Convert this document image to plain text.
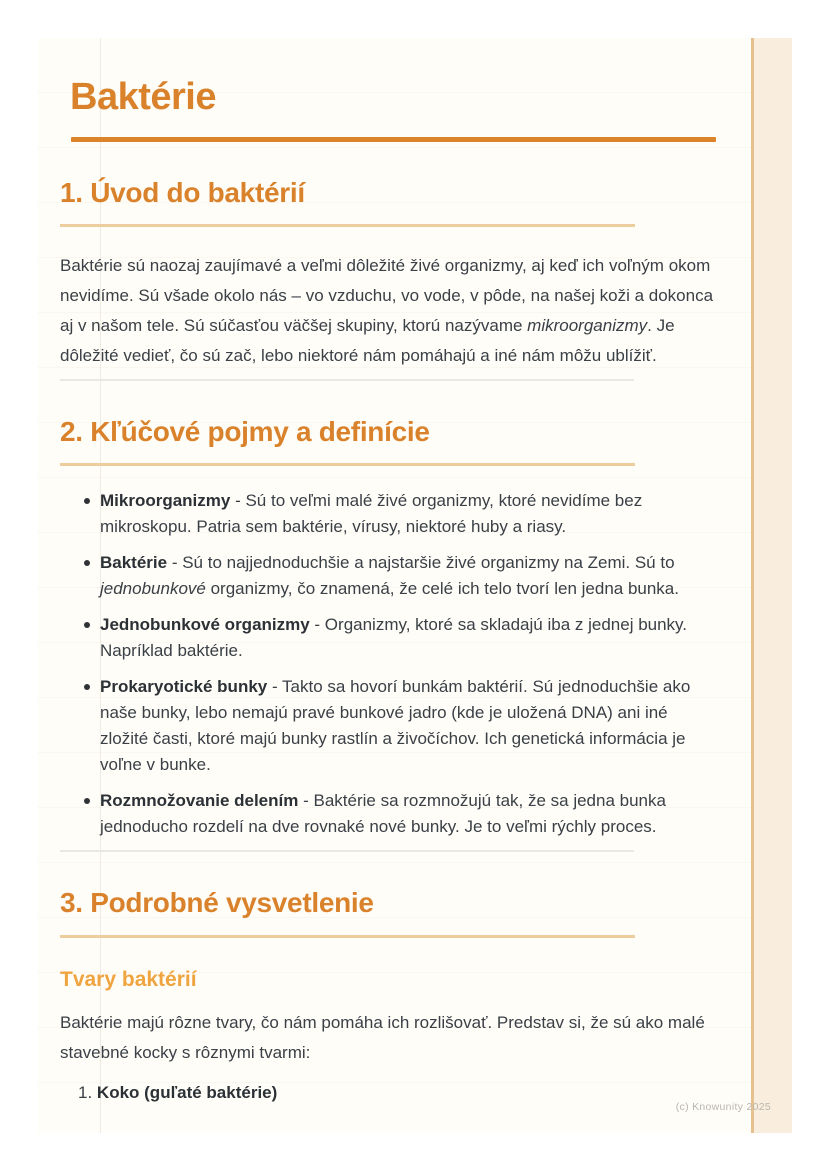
Baktérie
1. Úvod do baktérií

Baktérie sú naozaj zaujímavé a veľmi dôležité živé organizmy, aj keď ich voľným okom nevidíme. Sú všade okolo nás – vo vzduchu, vo vode, v pôde, na našej koži a dokonca aj v našom tele. Sú súčasťou väčšej skupiny, ktorú nazývame mikroorganizmy. Je dôležité vedieť, čo sú zač, lebo niektoré nám pomáhajú a iné nám môžu ublížiť.

2. Kľúčové pojmy a definície
Mikroorganizmy - Sú to veľmi malé živé organizmy, ktoré nevidíme bez mikroskopu. Patria sem baktérie, vírusy, niektoré huby a riasy.
Baktérie - Sú to najjednoduchšie a najstaršie živé organizmy na Zemi. Sú to jednobunkové organizmy, čo znamená, že celé ich telo tvorí len jedna bunka.
Jednobunkové organizmy - Organizmy, ktoré sa skladajú iba z jednej bunky. Napríklad baktérie.
Prokaryotické bunky - Takto sa hovorí bunkám baktérií. Sú jednoduchšie ako naše bunky, lebo nemajú pravé bunkové jadro (kde je uložená DNA) ani iné zložité časti, ktoré majú bunky rastlín a živočíchov. Ich genetická informácia je voľne v bunke.
Rozmnožovanie delením - Baktérie sa rozmnožujú tak, že sa jedna bunka jednoducho rozdelí na dve rovnaké nové bunky. Je to veľmi rýchly proces.
3. Podrobné vysvetlenie
Tvary baktérií

Baktérie majú rôzne tvary, čo nám pomáha ich rozlišovať. Predstav si, že sú ako malé stavebné kocky s rôznymi tvarmi:

1. Koko (guľaté baktérie)
(c) Knowunity 2025
